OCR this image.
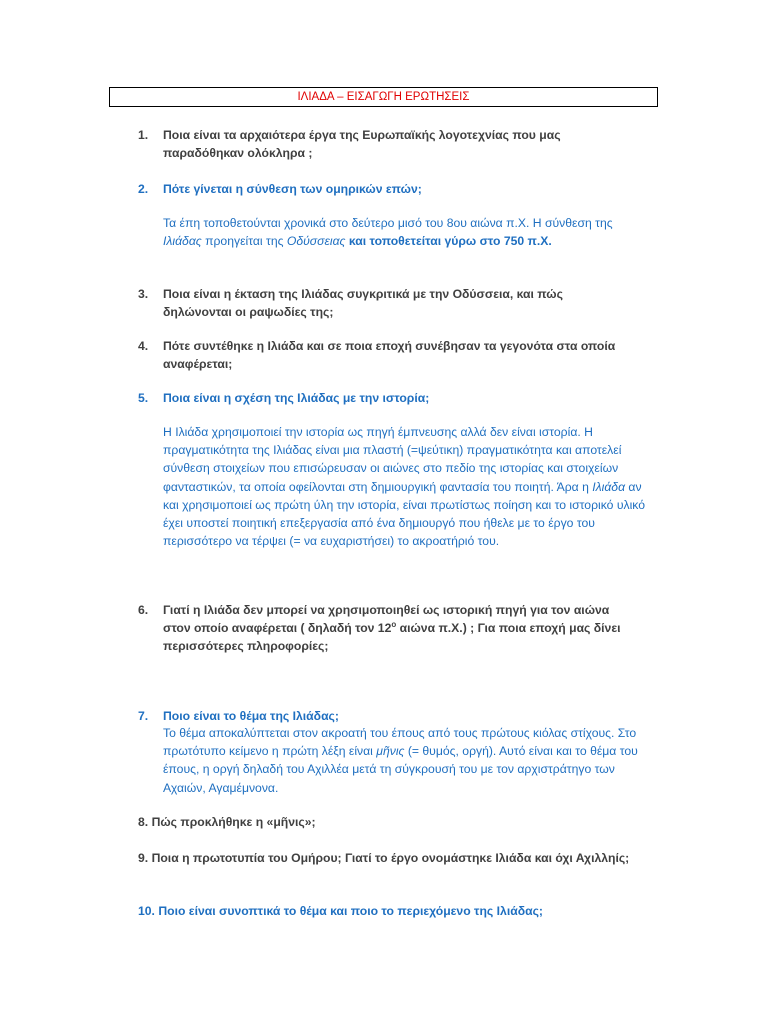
ΙΛΙΑΔΑ – ΕΙΣΑΓΩΓΗ ΕΡΩΤΗΣΕΙΣ
1. Ποια είναι τα αρχαιότερα έργα της Ευρωπαϊκής λογοτεχνίας που μας παραδόθηκαν ολόκληρα ;
2. Πότε γίνεται η σύνθεση των ομηρικών επών;
Τα έπη τοποθετούνται χρονικά στο δεύτερο μισό του 8ου αιώνα π.Χ. Η σύνθεση της Ιλιάδας προηγείται της Οδύσσειας και τοποθετείται γύρω στο 750 π.Χ.
3. Ποια είναι η έκταση της Ιλιάδας συγκριτικά με την Οδύσσεια, και πώς δηλώνονται οι ραψωδίες της;
4. Πότε συντέθηκε η Ιλιάδα και σε ποια εποχή συνέβησαν τα γεγονότα στα οποία αναφέρεται;
5. Ποια είναι η σχέση της Ιλιάδας με την ιστορία;
Η Ιλιάδα χρησιμοποιεί την ιστορία ως πηγή έμπνευσης αλλά δεν είναι ιστορία. Η πραγματικότητα της Ιλιάδας είναι μια πλαστή (=ψεύτικη) πραγματικότητα και αποτελεί σύνθεση στοιχείων που επισώρευσαν οι αιώνες στο πεδίο της ιστορίας και στοιχείων φανταστικών, τα οποία οφείλονται στη δημιουργική φαντασία του ποιητή. Άρα η Ιλιάδα αν και χρησιμοποιεί ως πρώτη ύλη την ιστορία, είναι πρωτίστως ποίηση και το ιστορικό υλικό έχει υποστεί ποιητική επεξεργασία από ένα δημιουργό που ήθελε με το έργο του περισσότερο να τέρψει (= να ευχαριστήσει) το ακροατήριό του.
6. Γιατί η Ιλιάδα δεν μπορεί να χρησιμοποιηθεί ως ιστορική πηγή για τον αιώνα στον οποίο αναφέρεται ( δηλαδή τον $12^o$ αιώνα π.Χ.) ; Για ποια εποχή μας δίνει περισσότερες πληροφορίες;
7. Ποιο είναι το θέμα της Ιλιάδας;
Το θέμα αποκαλύπτεται στον ακροατή του έπους από τους πρώτους κιόλας στίχους. Στο πρωτότυπο κείμενο η πρώτη λέξη είναι μῆνις (= θυμός, οργή). Αυτό είναι και το θέμα του έπους, η οργή δηλαδή του Αχιλλέα μετά τη σύγκρουσή του με τον αρχιστράτηγο των Αχαιών, Αγαμέμνονα.
8. Πώς προκλήθηκε η «μῆνις»;
9. Ποια η πρωτοτυπία του Ομήρου; Γιατί το έργο ονομάστηκε Ιλιάδα και όχι Αχιλληίς;
10. Ποιο είναι συνοπτικά το θέμα και ποιο το περιεχόμενο της Ιλιάδας;
